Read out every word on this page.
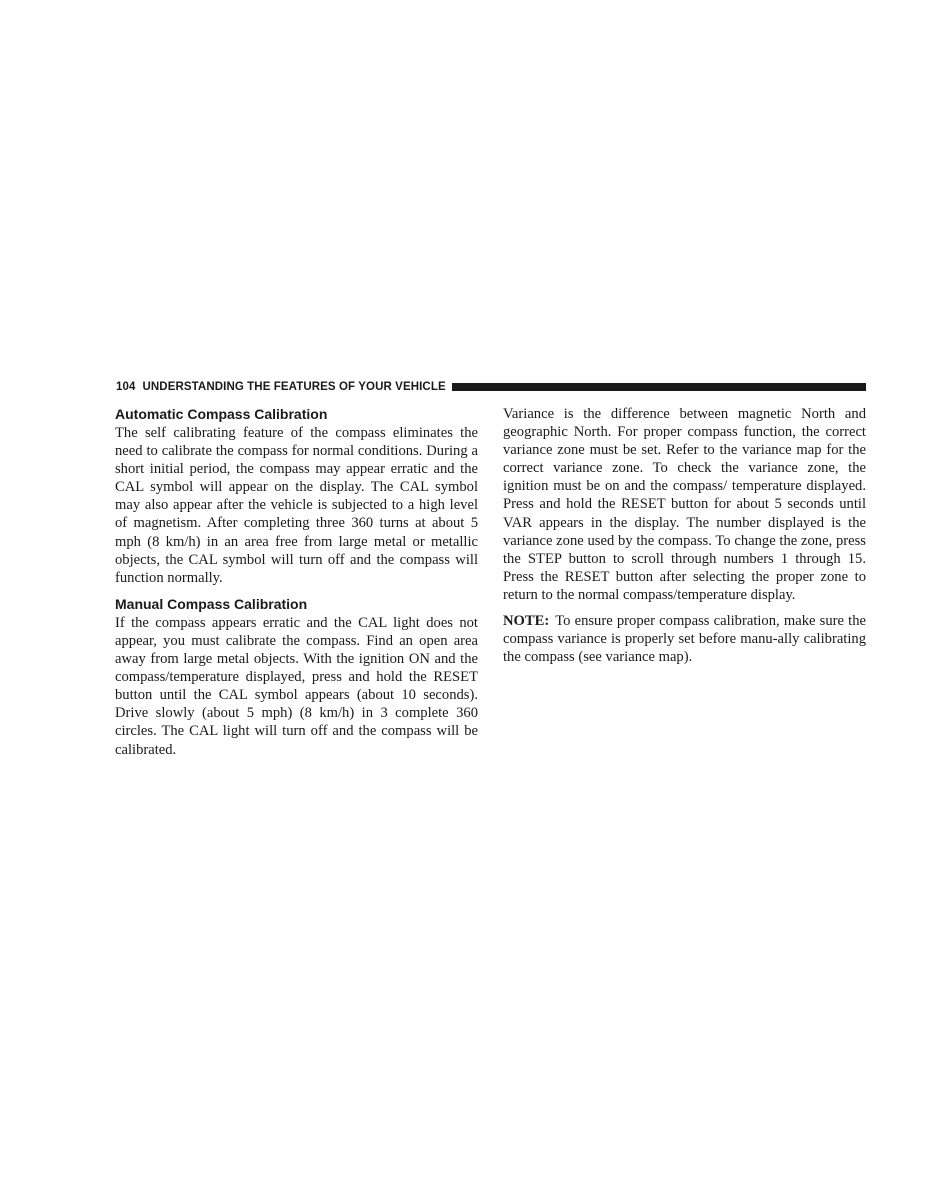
104 UNDERSTANDING THE FEATURES OF YOUR VEHICLE
Automatic Compass Calibration

The self calibrating feature of the compass eliminates the need to calibrate the compass for normal conditions. During a short initial period, the compass may appear erratic and the CAL symbol will appear on the display. The CAL symbol may also appear after the vehicle is subjected to a high level of magnetism. After completing three 360 turns at about 5 mph (8 km/h) in an area free from large metal or metallic objects, the CAL symbol will turn off and the compass will function normally.

Manual Compass Calibration

If the compass appears erratic and the CAL light does not appear, you must calibrate the compass. Find an open area away from large metal objects. With the ignition ON and the compass/temperature displayed, press and hold the RESET button until the CAL symbol appears (about 10 seconds). Drive slowly (about 5 mph) (8 km/h) in 3 complete 360 circles. The CAL light will turn off and the compass will be calibrated.

Variance is the difference between magnetic North and geographic North. For proper compass function, the correct variance zone must be set. Refer to the variance map for the correct variance zone. To check the variance zone, the ignition must be on and the compass/ temperature displayed. Press and hold the RESET button for about 5 seconds until VAR appears in the display. The number displayed is the variance zone used by the compass. To change the zone, press the STEP button to scroll through numbers 1 through 15. Press the RESET button after selecting the proper zone to return to the normal compass/temperature display.

NOTE: To ensure proper compass calibration, make sure the compass variance is properly set before manu-ally calibrating the compass (see variance map).
